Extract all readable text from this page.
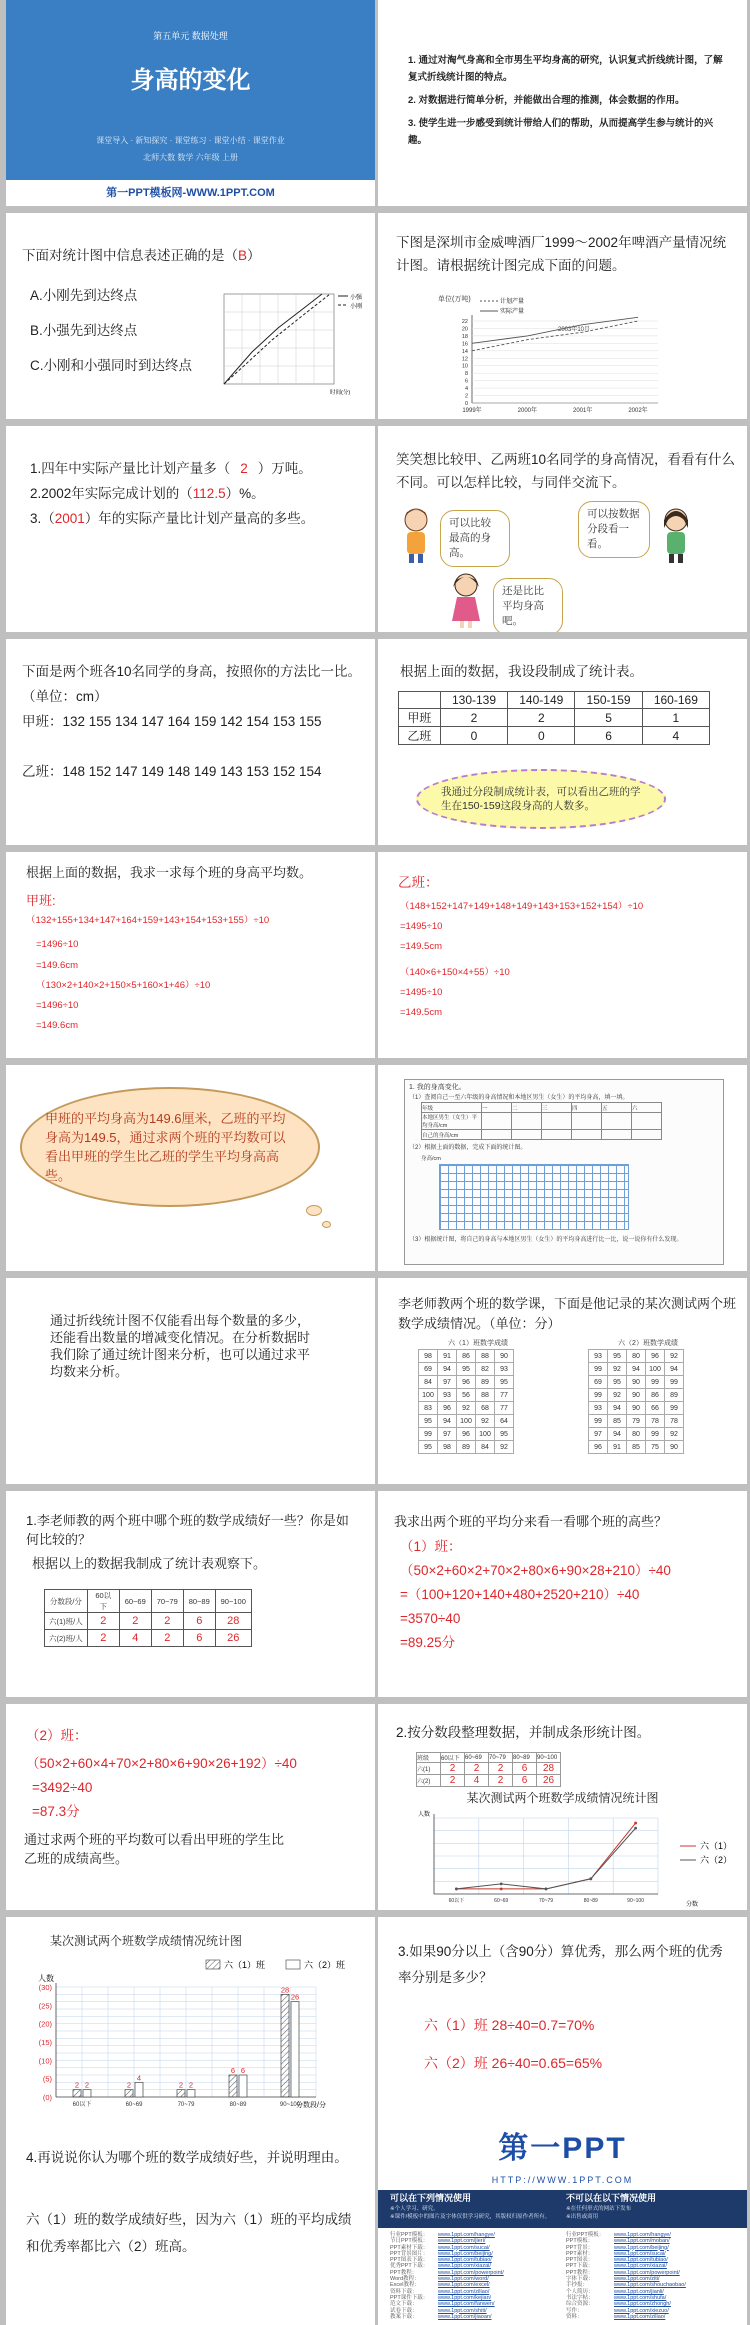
第五单元 数据处理
身高的变化
课堂导入 · 新知探究 · 课堂练习 · 课堂小结 · 课堂作业
北师大数 数学 六年级 上册
第一PPT模板网-WWW.1PPT.COM
1. 通过对淘气身高和全市男生平均身高的研究，认识复式折线统计图，了解复式折线统计图的特点。
2. 对数据进行简单分析，并能做出合理的推测，体会数据的作用。
3. 使学生进一步感受到统计带给人们的帮助，从而提高学生参与统计的兴趣。
下面对统计图中信息表述正确的是（B）
A.小刚先到达终点
B.小强先到达终点
C.小刚和小强同时到达终点
小强
小刚
时间(分)
下图是深圳市金威啤酒厂1999～2002年啤酒产量情况统计图。请根据统计图完成下面的问题。
单位(万吨)
2003年10月
计划产量
实际产量
0
2
4
6
8
10
12
14
16
18
20
22
1999年	2000年	2001年	2002年
1.四年中实际产量比计划产量多（ 2 ）万吨。
2.2002年实际完成计划的（112.5）%。
3.（2001）年的实际产量比计划产量高的多些。
笑笑想比较甲、乙两班10名同学的身高情况，看看有什么不同。可以怎样比较，与同伴交流下。
可以比较最高的身高。
可以按数据分段看一看。
还是比比平均身高吧。
下面是两个班各10名同学的身高，按照你的方法比一比。（单位：cm）
甲班：132 155 134 147 164 159 142 154 153 155
乙班：148 152 147 149 148 149 143 153 152 154
根据上面的数据，我设段制成了统计表。
	130-139	140-149	150-159	160-169
甲班	2	2	5	1
乙班	0	0	6	4
我通过分段制成统计表，可以看出乙班的学生在150-159这段身高的人数多。
根据上面的数据，我求一求每个班的身高平均数。
甲班:
（132+155+134+147+164+159+143+154+153+155）÷10
=1496÷10
=149.6cm
（130×2+140×2+150×5+160×1+46）÷10
=1496÷10
=149.6cm
乙班：
（148+152+147+149+148+149+143+153+152+154）÷10
=1495÷10
=149.5cm
（140×6+150×4+55）÷10
=1495÷10
=149.5cm
甲班的平均身高为149.6厘米，乙班的平均身高为149.5，通过求两个班的平均数可以看出甲班的学生比乙班的学生平均身高高些。
1. 我的身高变化。
（1）查阅自己一至六年级的身高情况和本地区男生（女生）的平均身高，填一填。
年级	一	二	三	四	五	六
本地区男生（女生）平均身高/cm						
自己的身高/cm						
（2）根据上面的数据，完成下面的统计图。
身高/cm
（3）根据统计图，将自己的身高与本地区男生（女生）的平均身高进行比一比，说一说你有什么发现。
通过折线统计图不仅能看出每个数量的多少，还能看出数量的增减变化情况。在分析数据时我们除了通过统计图来分析，也可以通过求平均数来分析。
李老师教两个班的数学课，下面是他记录的某次测试两个班数学成绩情况。（单位：分）
六（1）班数学成绩
98	91	86	88	90
69	94	95	82	93
84	97	96	89	95
100	93	56	88	77
83	96	92	68	77
95	94	100	92	64
99	97	96	100	95
95	98	89	84	92
六（2）班数学成绩
93	95	80	96	92
99	92	94	100	94
69	95	90	99	99
99	92	90	86	89
93	94	90	66	99
99	85	79	78	78
97	94	80	99	92
96	91	85	75	90
1.李老师教的两个班中哪个班的数学成绩好一些？你是如何比较的？
根据以上的数据我制成了统计表观察下。
分数段/分	60以下	60~69	70~79	80~89	90~100
六(1)班/人	2	2	2	6	28
六(2)班/人	2	4	2	6	26
我求出两个班的平均分来看一看哪个班的高些？
（1）班：
（50×2+60×2+70×2+80×6+90×28+210）÷40
=（100+120+140+480+2520+210）÷40
=3570÷40
=89.25分
（2）班：
（50×2+60×4+70×2+80×6+90×26+192）÷40
=3492÷40
=87.3分
通过求两个班的平均数可以看出甲班的学生比乙班的成绩高些。
2.按分数段整理数据，并制成条形统计图。
班级	60以下	60~69	70~79	80~89	90~100
六(1)	2	2	2	6	28
六(2)	2	4	2	6	26
某次测试两个班数学成绩情况统计图
人数
分数
六（1）
六（2）
60以下	60~69	70~79	80~89	90~100
某次测试两个班数学成绩情况统计图
六（1）班	六（2）班
人数
分数段/分
(0)
(5)
(10)
(15)
(20)
(25)
(30)
60以下	60~69	70~79	80~89	90~100
2	2	2
6
28
2
4
2
6
26
3.如果90分以上（含90分）算优秀，那么两个班的优秀率分别是多少？
六（1）班 28÷40=0.7=70%
六（2）班 26÷40=0.65=65%
4.再说说你认为哪个班的数学成绩好些，并说明理由。
六（1）班的数学成绩好些，因为六（1）班的平均成绩和优秀率都比六（2）班高。
第一PPT
HTTP://WWW.1PPT.COM
可以在下列情况使用
※个人学习、研究。
※课件/模板中的图片及字体仅供学习研究，其版权归原作者所有。
不可以在以下情况使用
※在任何形式的网站下发布
※出售或商用
行业PPT模板： www.1ppt.com/hangye/
节日PPT模板： www.1ppt.com/jieri/
PPT素材下载： www.1ppt.com/sucai/
PPT背景图片： www.1ppt.com/beijing/
PPT图表下载： www.1ppt.com/tubiao/
优秀PPT下载： www.1ppt.com/xiazai/
PPT教程：	www.1ppt.com/powerpoint/
Word教程：	www.1ppt.com/word/
Excel教程：	www.1ppt.com/excel/
资料下载：	www.1ppt.com/ziliao/
PPT课件下载： www.1ppt.com/kejian/
范文下载：	www.1ppt.com/fanwen/
试卷下载：	www.1ppt.com/shiti/
教案下载：	www.1ppt.com/jiaoan/
行业PPT模板： www.1ppt.com/hangye/
PPT模板：	www.1ppt.com/moban/
PPT背景：	www.1ppt.com/beijing/
PPT素材：	www.1ppt.com/sucai/
PPT图表：	www.1ppt.com/tubiao/
PPT下载：	www.1ppt.com/xiazai/
PPT教程：	www.1ppt.com/powerpoint/
字体下载：	www.1ppt.com/ziti/
手抄报：	www.1ppt.com/shouchaobao/
个人简历：	www.1ppt.com/jianli/
书法字帖：	www.1ppt.com/shufa/
综合资源：	www.1ppt.com/zhongh/
写作：	www.1ppt.com/xiezuo/
资料：	www.1ppt.com/ziliao/
